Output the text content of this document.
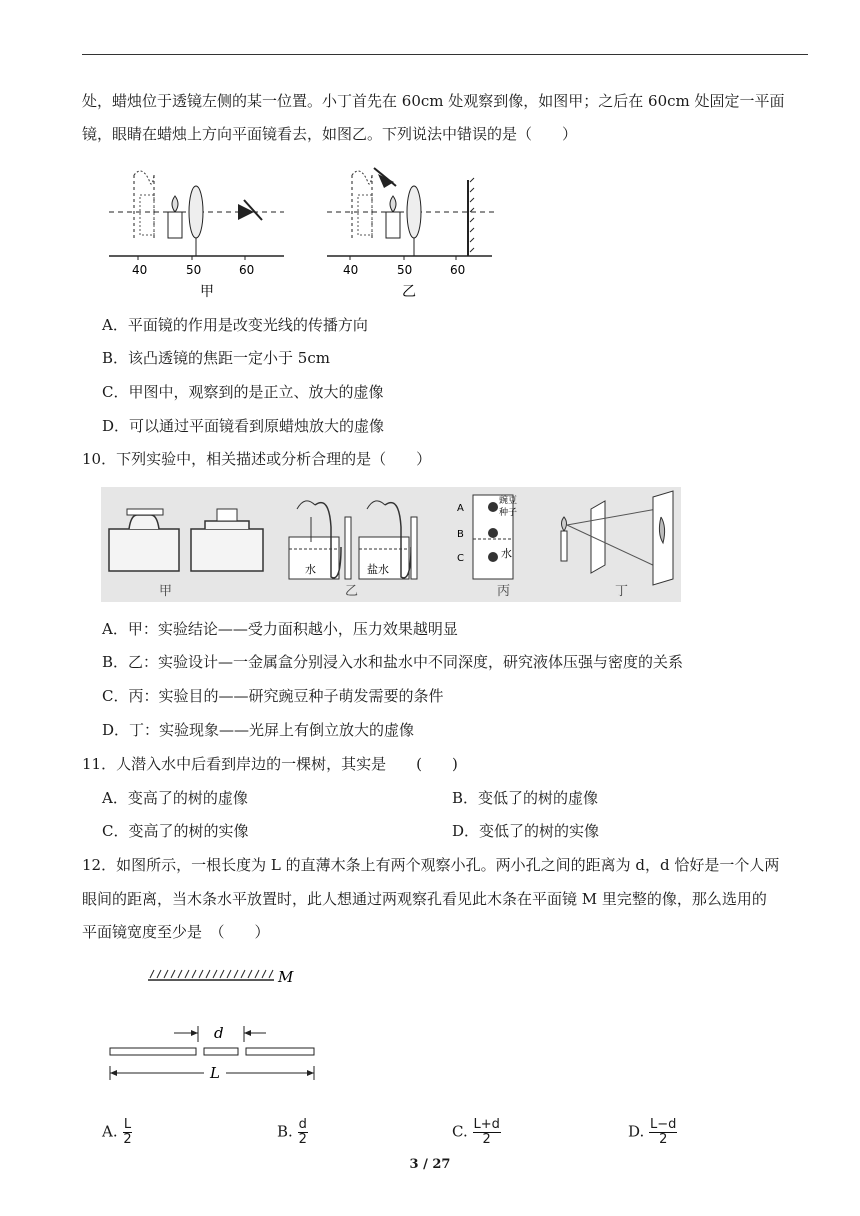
处，蜡烛位于透镜左侧的某一位置。小丁首先在 60cm 处观察到像，如图甲；之后在 60cm 处固定一平面
镜，眼睛在蜡烛上方向平面镜看去，如图乙。下列说法中错误的是（　　）
40	50	60
甲
40	50	60
乙
A．平面镜的作用是改变光线的传播方向
B．该凸透镜的焦距一定小于 5cm
C．甲图中，观察到的是正立、放大的虚像
D．可以通过平面镜看到原蜡烛放大的虚像
10．下列实验中，相关描述或分析合理的是（　　）
甲
水	盐水
乙
A
B
C
豌豆
种子
水
丙	丁
A．甲：实验结论——受力面积越小，压力效果越明显
B．乙：实验设计—一金属盒分别浸入水和盐水中不同深度，研究液体压强与密度的关系
C．丙：实验目的——研究豌豆种子萌发需要的条件
D．丁：实验现象——光屏上有倒立放大的虚像
11．人潜入水中后看到岸边的一棵树，其实是　　(　　)
A．变高了的树的虚像	B．变低了的树的虚像
C．变高了的树的实像	D．变低了的树的实像
12．如图所示，一根长度为 L 的直薄木条上有两个观察小孔。两小孔之间的距离为 d，d 恰好是一个人两
眼间的距离，当木条水平放置时，此人想通过两观察孔看见此木条在平面镜 M 里完整的像，那么选用的
平面镜宽度至少是　（　　）
M
d
L
A. $\frac{L}{2}$	B. $\frac{d}{2}$	C. $\frac{L+d}{2}$	D. $\frac{L-d}{2}$
3 / 27
